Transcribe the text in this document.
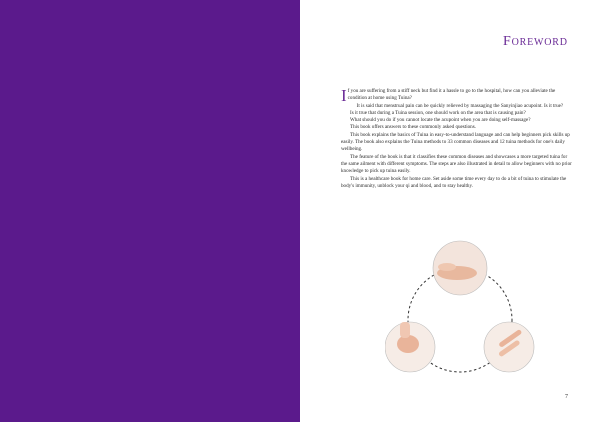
Foreword

If you are suffering from a stiff neck but find it a hassle to go to the hospital, how can you alleviate the condition at home using Tuina?

It is said that menstrual pain can be quickly relieved by massaging the Sanyinjiao acupoint. Is it true?

Is it true that during a Tuina session, one should work on the area that is causing pain?

What should you do if you cannot locate the acupoint when you are doing self-massage?

This book offers answers to these commonly asked questions.

This book explains the basics of Tuina in easy-to-understand language and can help beginners pick skills up easily. The book also explains the Tuina methods to 33 common diseases and 12 tuina methods for one's daily wellbeing.

The feature of the book is that it classifies these common diseases and showcases a more targeted tuina for the same ailment with different symptoms. The steps are also illustrated in detail to allow beginners with no prior knowledge to pick up tuina easily.

This is a healthcare book for home care. Set aside some time every day to do a bit of tuina to stimulate the body's immunity, unblock your qi and blood, and to stay healthy.

7
